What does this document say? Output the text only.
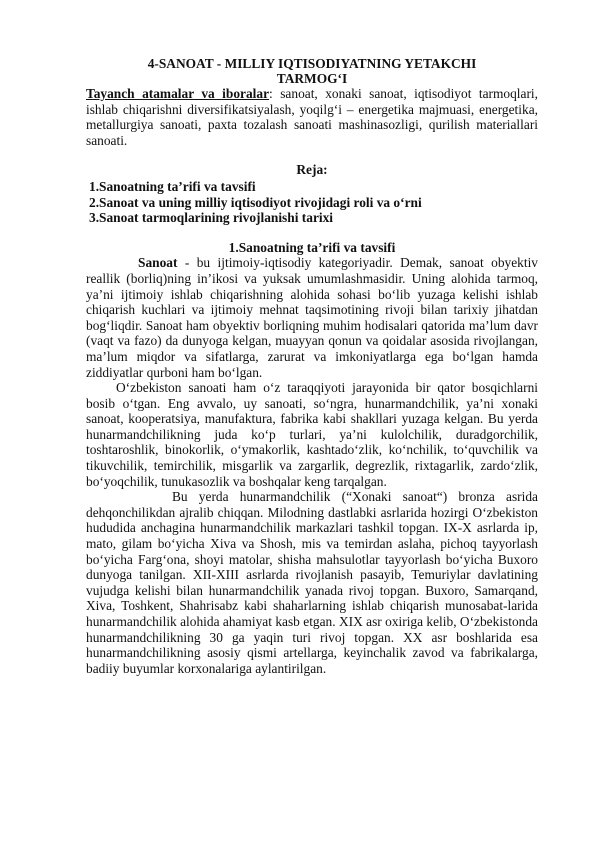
4-SANOAT - MILLIY IQTISODIYATNING YETAKCHI
TARMOG‘I

Tayanch atamalar va iboralar: sanoat, xonaki sanoat, iqtisodiyot tarmoqlari, ishlab chiqarishni diversifikatsiyalash, yoqilg‘i – energetika majmuasi, energetika, metallurgiya sanoati, paxta tozalash sanoati mashinasozligi, qurilish materiallari sanoati.

Reja:
1.Sanoatning ta’rifi va tavsifi
2.Sanoat va uning milliy iqtisodiyot rivojidagi roli va o‘rni
3.Sanoat tarmoqlarining rivojlanishi tarixi
1.Sanoatning ta’rifi va tavsifi

Sanoat - bu ijtimoiy-iqtisodiy kategoriyadir. Demak, sanoat obyektiv reallik (borliq)ning in’ikosi va yuksak umumlashmasidir. Uning alohida tarmoq, ya’ni ijtimoiy ishlab chiqarishning alohida sohasi bo‘lib yuzaga kelishi ishlab chiqarish kuchlari va ijtimoiy mehnat taqsimotining rivoji bilan tarixiy jihatdan bog‘liqdir. Sanoat ham obyektiv borliqning muhim hodisalari qatorida ma’lum davr (vaqt va fazo) da dunyoga kelgan, muayyan qonun va qoidalar asosida rivojlangan, ma’lum miqdor va sifatlarga, zarurat va imkoniyatlarga ega bo‘lgan hamda ziddiyatlar qurboni ham bo‘lgan.

O‘zbekiston sanoati ham o‘z taraqqiyoti jarayonida bir qator bosqichlarni bosib o‘tgan. Eng avvalo, uy sanoati, so‘ngra, hunarmandchilik, ya’ni xonaki sanoat, kooperatsiya, manufaktura, fabrika kabi shakllari yuzaga kelgan. Bu yerda hunarmandchilikning juda ko‘p turlari, ya’ni kulolchilik, duradgorchilik, toshtaroshlik, binokorlik, o‘ymakorlik, kashtado‘zlik, ko‘nchilik, to‘quvchilik va tikuvchilik, temirchilik, misgarlik va zargarlik, degrezlik, rixtagarlik, zardo‘zlik, bo‘yoqchilik, tunukasozlik va boshqalar keng tarqalgan.

Bu yerda hunarmandchilik (“Xonaki sanoat“) bronza asrida dehqonchilikdan ajralib chiqqan. Milodning dastlabki asrlarida hozirgi O‘zbekiston hududida anchagina hunarmandchilik markazlari tashkil topgan. IX-X asrlarda ip, mato, gilam bo‘yicha Xiva va Shosh, mis va temirdan aslaha, pichoq tayyorlash bo‘yicha Farg‘ona, shoyi matolar, shisha mahsulotlar tayyorlash bo‘yicha Buxoro dunyoga tanilgan. XII-XIII asrlarda rivojlanish pasayib, Temuriylar davlatining vujudga kelishi bilan hunarmandchilik yanada rivoj topgan. Buxoro, Samarqand, Xiva, Toshkent, Shahrisabz kabi shaharlarning ishlab chiqarish munosabat-larida hunarmandchilik alohida ahamiyat kasb etgan. XIX asr oxiriga kelib, O‘zbekistonda hunarmandchilikning 30 ga yaqin turi rivoj topgan. XX asr boshlarida esa hunarmandchilikning asosiy qismi artellarga, keyinchalik zavod va fabrikalarga, badiiy buyumlar korxonalariga aylantirilgan.
